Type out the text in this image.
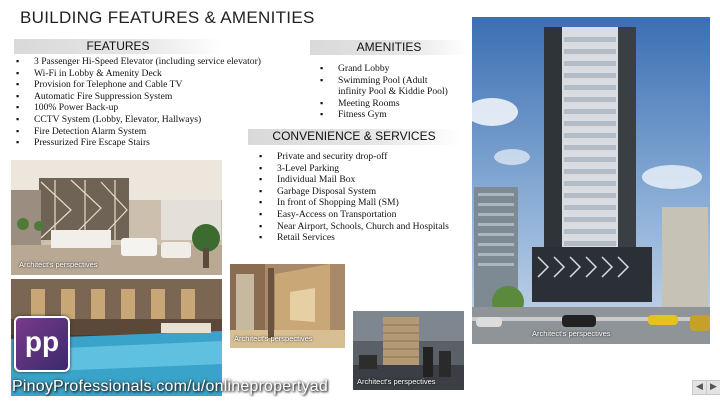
BUILDING FEATURES & AMENITIES
FEATURES
▪ 3 Passenger Hi-Speed Elevator (including service elevator)
▪ Wi-Fi in Lobby & Amenity Deck
▪ Provision for Telephone and Cable TV
▪ Automatic Fire Suppression System
▪ 100% Power Back-up
▪ CCTV System (Lobby, Elevator, Hallways)
▪ Fire Detection Alarm System
▪ Pressurized Fire Escape Stairs
AMENITIES
▪ Grand Lobby
▪ Swimming Pool (Adult
infinity Pool & Kiddie Pool)
▪ Meeting Rooms
▪ Fitness Gym
CONVENIENCE & SERVICES
▪ Private and security drop-off
▪ 3-Level Parking
▪ Individual Mail Box
▪ Garbage Disposal System
▪ In front of Shopping Mall (SM)
▪ Easy-Access on Transportation
▪ Near Airport, Schools, Church and Hospitals
▪ Retail Services
Architect's perspectives
pp
PinoyProfessionals.com/u/onlinepropertyad
Architect's perspectives
Architect's perspectives
Architect's perspectives
◀ ▶
